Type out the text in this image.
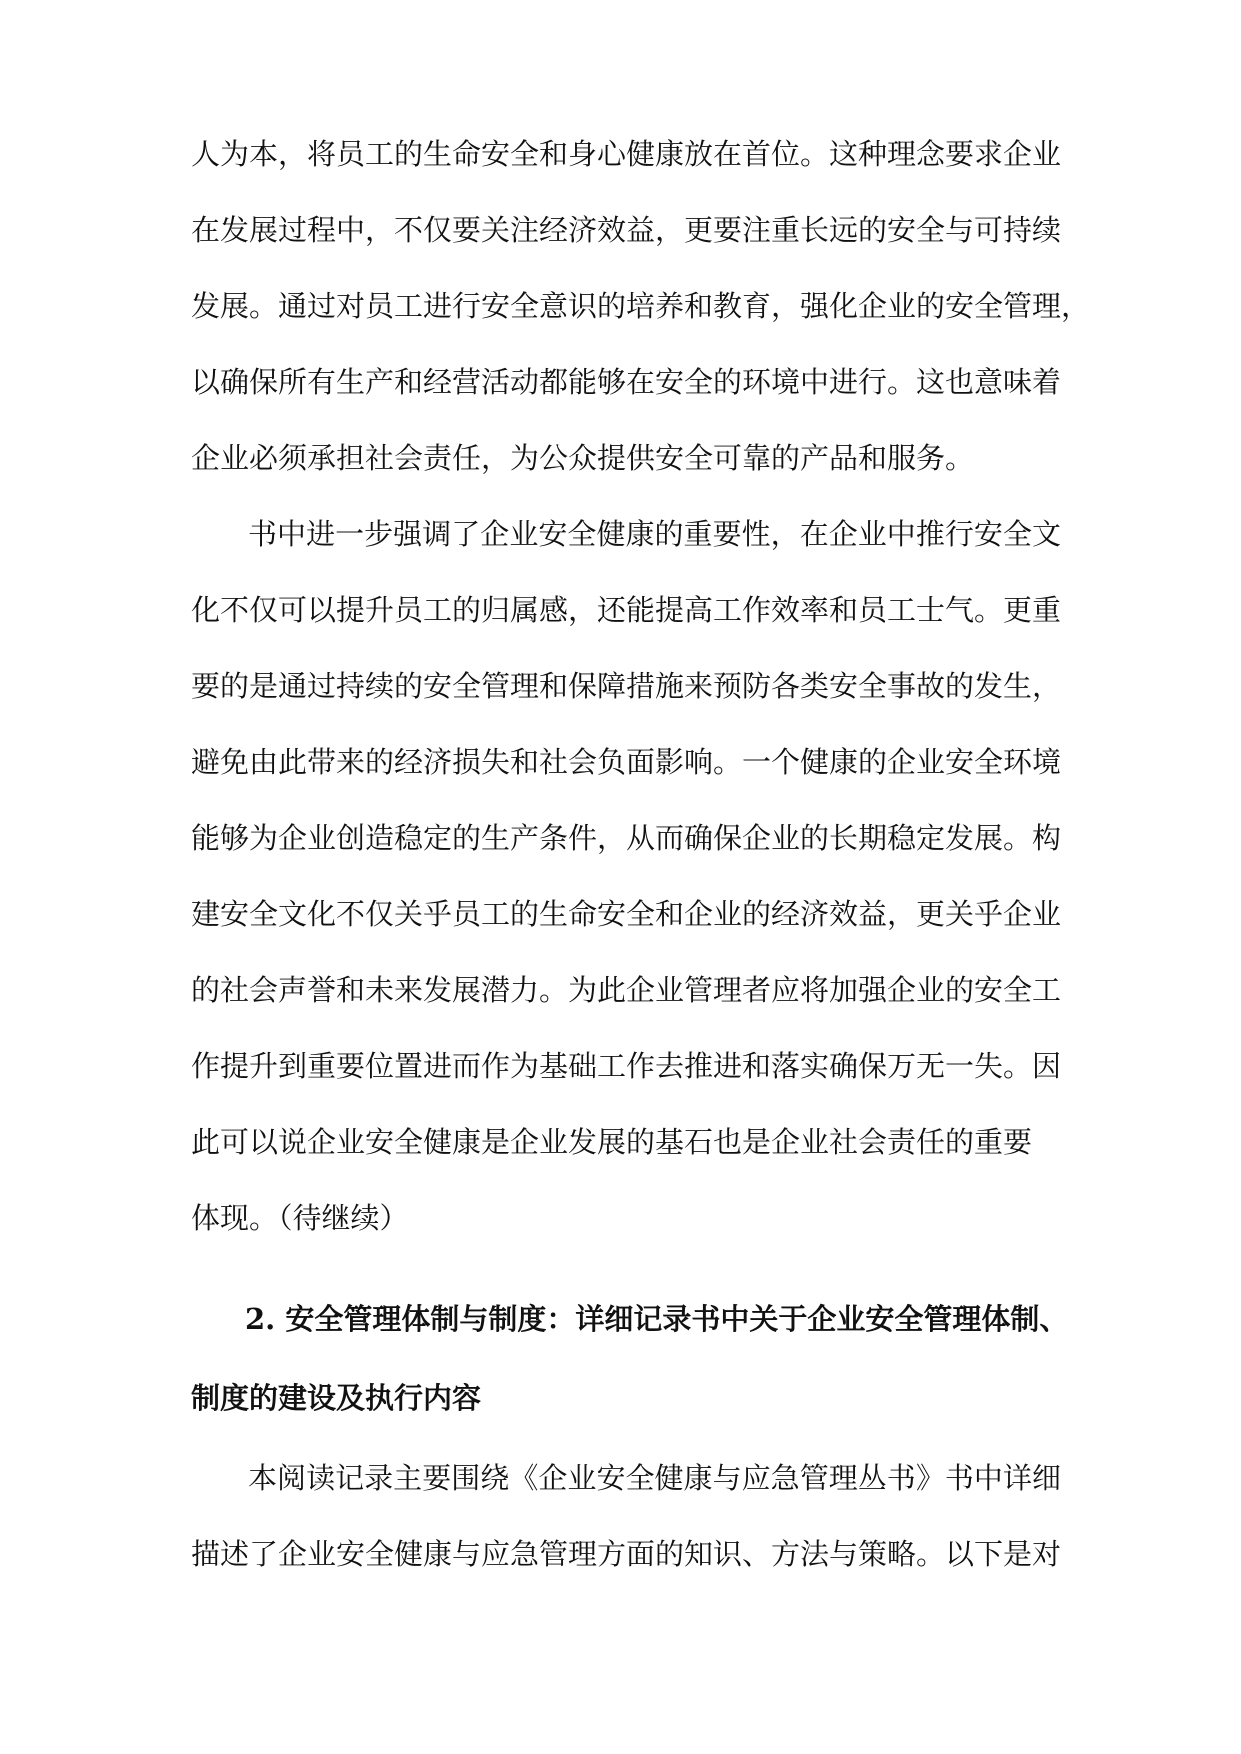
人为本，将员工的生命安全和身心健康放在首位。这种理念要求企业
在发展过程中，不仅要关注经济效益，更要注重长远的安全与可持续
发展。通过对员工进行安全意识的培养和教育，强化企业的安全管理，
以确保所有生产和经营活动都能够在安全的环境中进行。这也意味着
企业必须承担社会责任，为公众提供安全可靠的产品和服务。
书中进一步强调了企业安全健康的重要性，在企业中推行安全文
化不仅可以提升员工的归属感，还能提高工作效率和员工士气。更重
要的是通过持续的安全管理和保障措施来预防各类安全事故的发生，
避免由此带来的经济损失和社会负面影响。一个健康的企业安全环境
能够为企业创造稳定的生产条件，从而确保企业的长期稳定发展。构
建安全文化不仅关乎员工的生命安全和企业的经济效益，更关乎企业
的社会声誉和未来发展潜力。为此企业管理者应将加强企业的安全工
作提升到重要位置进而作为基础工作去推进和落实确保万无一失。因
此可以说企业安全健康是企业发展的基石也是企业社会责任的重要
体现。（待继续）
2. 安全管理体制与制度：详细记录书中关于企业安全管理体制、
制度的建设及执行内容
本阅读记录主要围绕《企业安全健康与应急管理丛书》书中详细
描述了企业安全健康与应急管理方面的知识、方法与策略。以下是对
